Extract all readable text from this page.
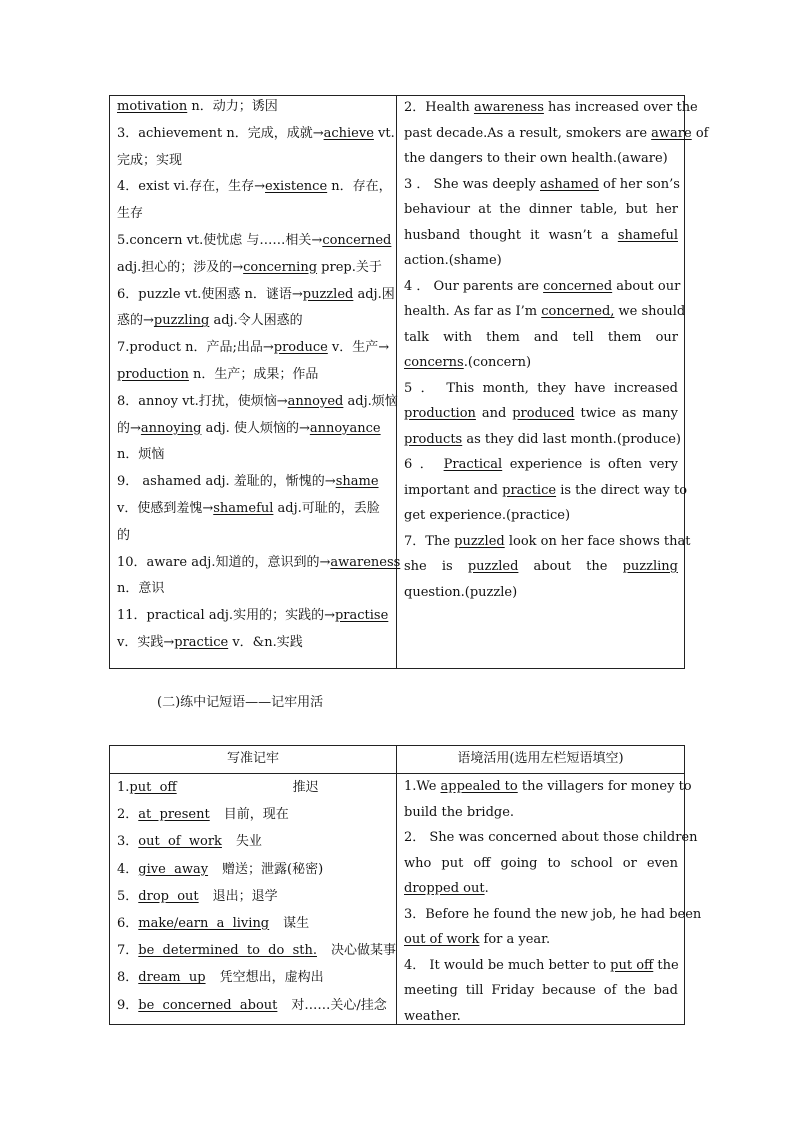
motivation n．动力；诱因
3．achievement n．完成，成就→achieve vt.
完成；实现
4．exist vi.存在，生存→existence n．存在，
生存
5.concern vt.使忧虑 与……相关→concerned
adj.担心的；涉及的→concerning prep.关于
6．puzzle vt.使困惑 n．谜语→puzzled adj.困
惑的→puzzling adj.令人困惑的
7.product n．产品;出品→produce v．生产→
production n．生产；成果；作品
8．annoy vt.打扰，使烦恼→annoyed adj.烦恼
的→annoying adj. 使人烦恼的→annoyance
n．烦恼
9． ashamed adj. 羞耻的，惭愧的→shame
v．使感到羞愧→shameful adj.可耻的，丢脸
的
10．aware adj.知道的，意识到的→awareness
n．意识
11．practical adj.实用的；实践的→practise
v．实践→practice v．&n.实践
2．Health awareness has increased over the
past decade.As a result, smokers are aware of
the dangers to their own health.(aware)
3 ． She was deeply ashamed of her son’s
behaviour at the dinner table, but her
husband thought it wasn’t a shameful
action.(shame)
4 ． Our parents are concerned about our
health. As far as I’m concerned, we should
talk with them and tell them our
concerns.(concern)
5 ． This month, they have increased
production and produced twice as many
products as they did last month.(produce)
6 ． Practical experience is often very
important and practice is the direct way to
get experience.(practice)
7．The puzzled look on her face shows that
she is puzzled about the puzzling
question.(puzzle)
(二)练中记短语——记牢用活
写准记牢	语境活用(选用左栏短语填空)
1.put  off	推迟
2．at  present 目前，现在
3．out  of  work 失业
4．give  away 赠送；泄露(秘密)
5．drop  out 退出；退学
6．make/earn  a  living 谋生
7．be  determined  to  do  sth. 决心做某事
8．dream  up 凭空想出，虚构出
9．be  concerned  about 对……关心/挂念
1.We appealed to the villagers for money to
build the bridge.
2． She was concerned about those children
who put off going to school or even
dropped out.
3．Before he found the new job, he had been
out of work for a year.
4． It would be much better to put off the
meeting till Friday because of the bad
weather.
